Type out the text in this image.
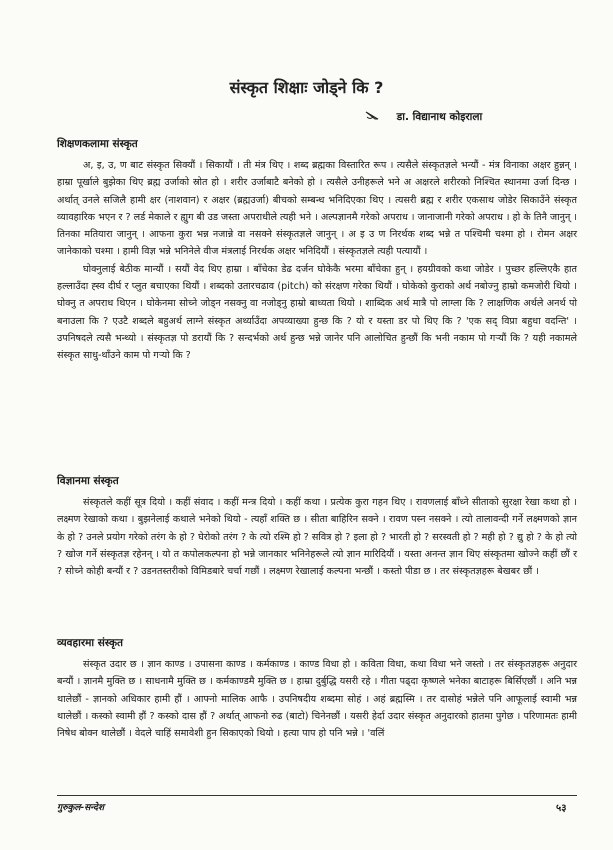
संस्कृत शिक्षाः जोड्ने कि ?
डा. विद्यानाथ कोइराला
शिक्षणकलामा संस्कृत

अ, इ, उ, ण बाट संस्कृत सिक्यौं । सिकायौं । ती मंत्र थिए । शब्द ब्रह्मका विस्तारित रूप । त्यसैले संस्कृतज्ञले भन्यौं - मंत्र विनाका अक्षर हुन्नन् । हाम्रा पूर्खाले बुझेका थिए ब्रह्म उर्जाको स्रोत हो । शरीर उर्जाबाटै बनेको हो । त्यसैले उनीहरूले भने अ अक्षरले शरीरको निश्चित स्थानमा उर्जा दिन्छ । अर्थात् उनले सजिलै हामी क्षर (नाशवान) र अक्षर (ब्रह्मउर्जा) बीचको सम्बन्ध भनिदिएका थिए । त्यसरी ब्रह्म र शरीर एकसाथ जोडेर सिकाउँने संस्कृत व्यावहारिक भएन र ? लर्ड मेकाले र ह्युग बी उड जस्ता अपराधीले त्यही भने । अल्पज्ञानमै गरेको अपराध । जानाजानी गरेको अपराध । हो के तिनै जानुन् । तिनका मतियारा जानुन् । आफना कुरा भन्न नजान्ने वा नसक्ने संस्कृतज्ञले जानुन् । अ इ उ ण निरर्थक शब्द भन्ने त पश्चिमी चश्मा हो । रोमन अक्षर जानेकाको चश्मा । हामी विज्ञ भन्ने भनिनेले वीज मंत्रलाई निरर्थक अक्षर भनिदियौं । संस्कृतज्ञले त्यही पत्यायौं ।

घोक्नुलाई बेठीक मान्यौं । सयौं वेद थिए हाम्रा । बाँचेका डेढ दर्जन घोकेकै भरमा बाँचेका हुन् । हयग्रीवको कथा जोडेर । पुच्छर हल्लिएकै हात हल्लाउँदा ह्स्व दीर्घ र प्लुत बचाएका थियौं । शब्दको उतारचढाव (pitch) को संरक्षण गरेका थियौं । घोकेको कुराको अर्थ नबोज्नु हाम्रो कमजोरी थियो । घोक्नु त अपराध थिएन । घोकेनमा सोच्ने जोड्न नसक्नु वा नजोड्नु हाम्रो बाध्यता थियो । शाब्दिक अर्थ मात्रै पो लाग्ला कि ? लाक्षणिक अर्थले अनर्थ पो बनाउला कि ? एउटै शब्दले बहुअर्थ लाग्ने संस्कृत अर्थ्याउँदा अपव्याख्या हुन्छ कि ? यो र यस्ता डर पो थिए कि ? 'एक सद् विप्रा बहुधा वदन्ति' । उपनिषदले त्यसै भन्थ्यो । संस्कृतज्ञ पो डरायौं कि ? सन्दर्भको अर्थ हुन्छ भन्ने जानेर पनि आलोचित हुन्छौं कि भनी नकाम पो गर्‍यौं कि ? यही नकामले संस्कृत साधु-थाँउने काम पो गर्‍यो कि ?

विज्ञानमा संस्कृत

संस्कृतले कहीं सूत्र दियो । कहीं संवाद । कहीं मन्त्र दियो । कहीं कथा । प्रत्येक कुरा गहन थिए । रावणलाई बाँध्ने सीताको सुरक्षा रेखा कथा हो । लक्ष्मण रेखाको कथा । बुझनेलाई कथाले भनेको थियो - त्यहाँ शक्ति छ । सीता बाहिरिन सक्ने । रावण पस्न नसक्ने । त्यो तालावन्दी गर्ने लक्ष्मणको ज्ञान के हो ? उनले प्रयोग गरेको तरंग के हो ? घेरोको तरंग ? के त्यो रश्मि हो ? सवित्र हो ? इला हो ? भारती हो ? सरस्वती हो ? मही हो ? द्यु हो ? के हो त्यो ? खोज गर्ने संस्कृतज्ञ रहेनन् । यो त कपोलकल्पना हो भन्ने जानकार भनिनेहरूले त्यो ज्ञान मारिदियौं । यस्ता अनन्त ज्ञान थिए संस्कृतमा खोज्ने कहीं छौं र ? सोच्ने कोही बन्यौं र ? उडनतस्तरीको विमिडबारे चर्चा गछौं । लक्ष्मण रेखालाई कल्पना भन्छौं । कस्तो पीडा छ । तर संस्कृतज्ञहरू बेखबर छौं ।

व्यवहारमा संस्कृत

संस्कृत उदार छ । ज्ञान काण्ड । उपासना काण्ड । कर्मकाण्ड । काण्ड विधा हो । कविता विधा, कथा विधा भने जस्तो । तर संस्कृतज्ञहरू अनुदार बन्यौं । ज्ञानमै मुक्ति छ । साधनामै मुक्ति छ । कर्मकाण्डमै मुक्ति छ । हाम्रा दुर्बुद्धि यसरी रहे । गीता पढ्दा कृष्णले भनेका बाटाहरू बिर्सिएछौं । अनि भन्न थालेछौं - ज्ञानको अधिकार हामी हौं । आफ्नो मालिक आफै । उपनिषदीय शब्दमा सोहं । अहं ब्रह्मस्मि । तर दासोहं भन्नेले पनि आफूलाई स्वामी भन्न थालेछौं । कस्को स्वामी हौं ? कस्को दास हौं ? अर्थात् आफनो रुढ (बाटो) चिनेनछौं । यसरी हेर्दा उदार संस्कृत अनुदारको हातमा पुगेछ । परिणामतः हामी निषेध बोक्न थालेछौं । वेदले चाहिं समावेशी हुन सिकाएको थियो । हत्या पाप हो पनि भन्ने । 'वलिं

गुरुकुल-सन्देश	५३
